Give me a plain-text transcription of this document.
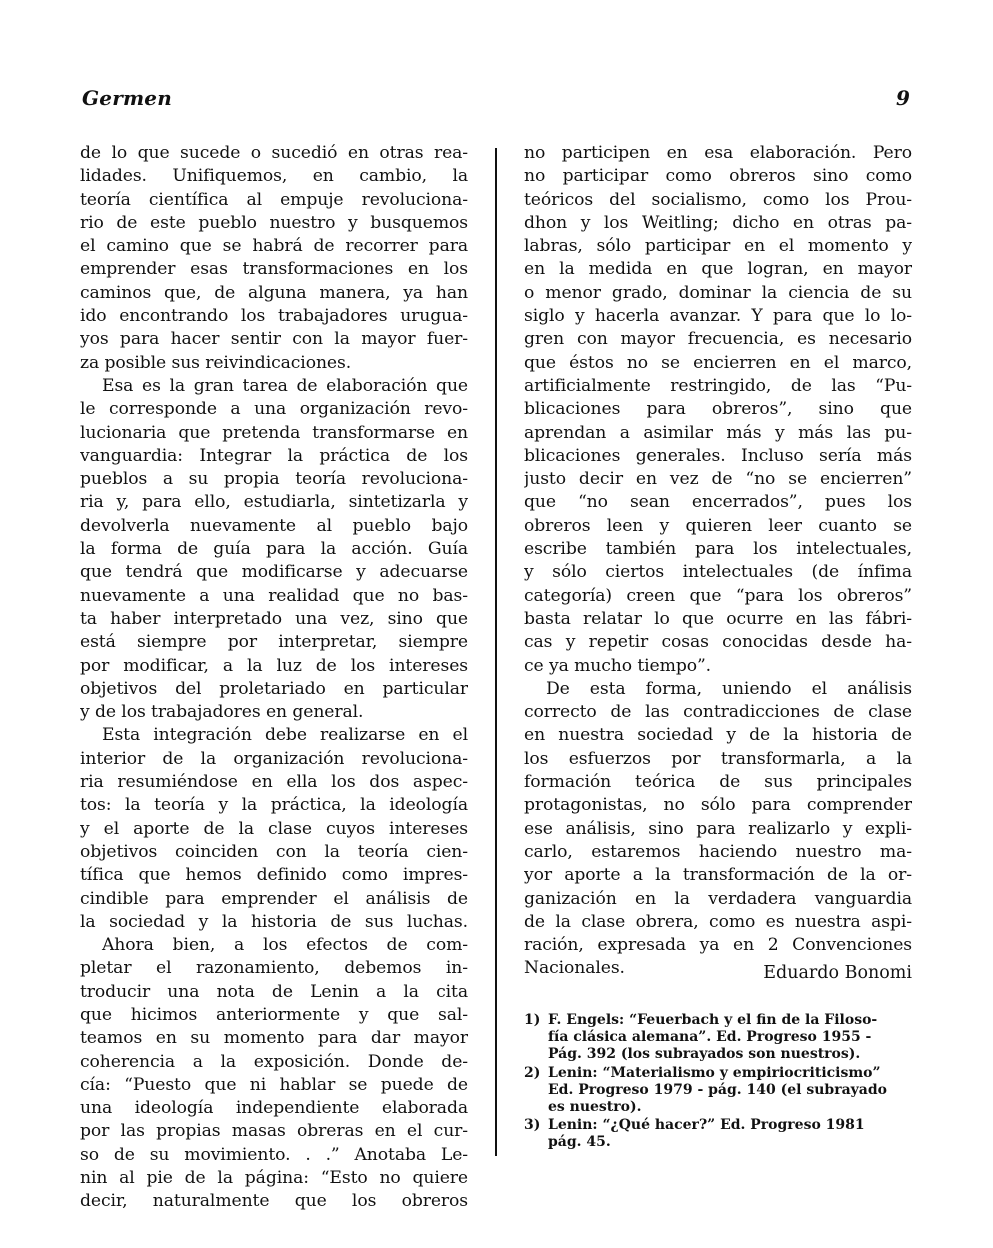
Germen	9
de lo que sucede o sucedió en otras rea-
lidades. Unifiquemos, en cambio, la
teoría científica al empuje revoluciona-
rio de este pueblo nuestro y busquemos
el camino que se habrá de recorrer para
emprender esas transformaciones en los
caminos que, de alguna manera, ya han
ido encontrando los trabajadores urugua-
yos para hacer sentir con la mayor fuer-
za posible sus reivindicaciones.
Esa es la gran tarea de elaboración que
le corresponde a una organización revo-
lucionaria que pretenda transformarse en
vanguardia: Integrar la práctica de los
pueblos a su propia teoría revoluciona-
ria y, para ello, estudiarla, sintetizarla y
devolverla nuevamente al pueblo bajo
la forma de guía para la acción. Guía
que tendrá que modificarse y adecuarse
nuevamente a una realidad que no bas-
ta haber interpretado una vez, sino que
está siempre por interpretar, siempre
por modificar, a la luz de los intereses
objetivos del proletariado en particular
y de los trabajadores en general.
Esta integración debe realizarse en el
interior de la organización revoluciona-
ria resumiéndose en ella los dos aspec-
tos: la teoría y la práctica, la ideología
y el aporte de la clase cuyos intereses
objetivos coinciden con la teoría cien-
tífica que hemos definido como impres-
cindible para emprender el análisis de
la sociedad y la historia de sus luchas.
Ahora bien, a los efectos de com-
pletar el razonamiento, debemos in-
troducir una nota de Lenin a la cita
que hicimos anteriormente y que sal-
teamos en su momento para dar mayor
coherencia a la exposición. Donde de-
cía: “Puesto que ni hablar se puede de
una ideología independiente elaborada
por las propias masas obreras en el cur-
so de su movimiento. . .” Anotaba Le-
nin al pie de la página: “Esto no quiere
decir, naturalmente que los obreros
no participen en esa elaboración. Pero
no participar como obreros sino como
teóricos del socialismo, como los Prou-
dhon y los Weitling; dicho en otras pa-
labras, sólo participar en el momento y
en la medida en que logran, en mayor
o menor grado, dominar la ciencia de su
siglo y hacerla avanzar. Y para que lo lo-
gren con mayor frecuencia, es necesario
que éstos no se encierren en el marco,
artificialmente restringido, de las “Pu-
blicaciones para obreros”, sino que
aprendan a asimilar más y más las pu-
blicaciones generales. Incluso sería más
justo decir en vez de “no se encierren”
que “no sean encerrados”, pues los
obreros leen y quieren leer cuanto se
escribe también para los intelectuales,
y sólo ciertos intelectuales (de ínfima
categoría) creen que “para los obreros”
basta relatar lo que ocurre en las fábri-
cas y repetir cosas conocidas desde ha-
ce ya mucho tiempo”.
De esta forma, uniendo el análisis
correcto de las contradicciones de clase
en nuestra sociedad y de la historia de
los esfuerzos por transformarla, a la
formación teórica de sus principales
protagonistas, no sólo para comprender
ese análisis, sino para realizarlo y expli-
carlo, estaremos haciendo nuestro ma-
yor aporte a la transformación de la or-
ganización en la verdadera vanguardia
de la clase obrera, como es nuestra aspi-
ración, expresada ya en 2 Convenciones
Nacionales.	Eduardo Bonomi
1) F. Engels: “Feuerbach y el fin de la Filoso-
fía clásica alemana”. Ed. Progreso 1955 -
Pág. 392 (los subrayados son nuestros).
2) Lenin: “Materialismo y empiriocriticismo”
Ed. Progreso 1979 - pág. 140 (el subrayado
es nuestro).
3) Lenin: “¿Qué hacer?” Ed. Progreso 1981
pág. 45.
